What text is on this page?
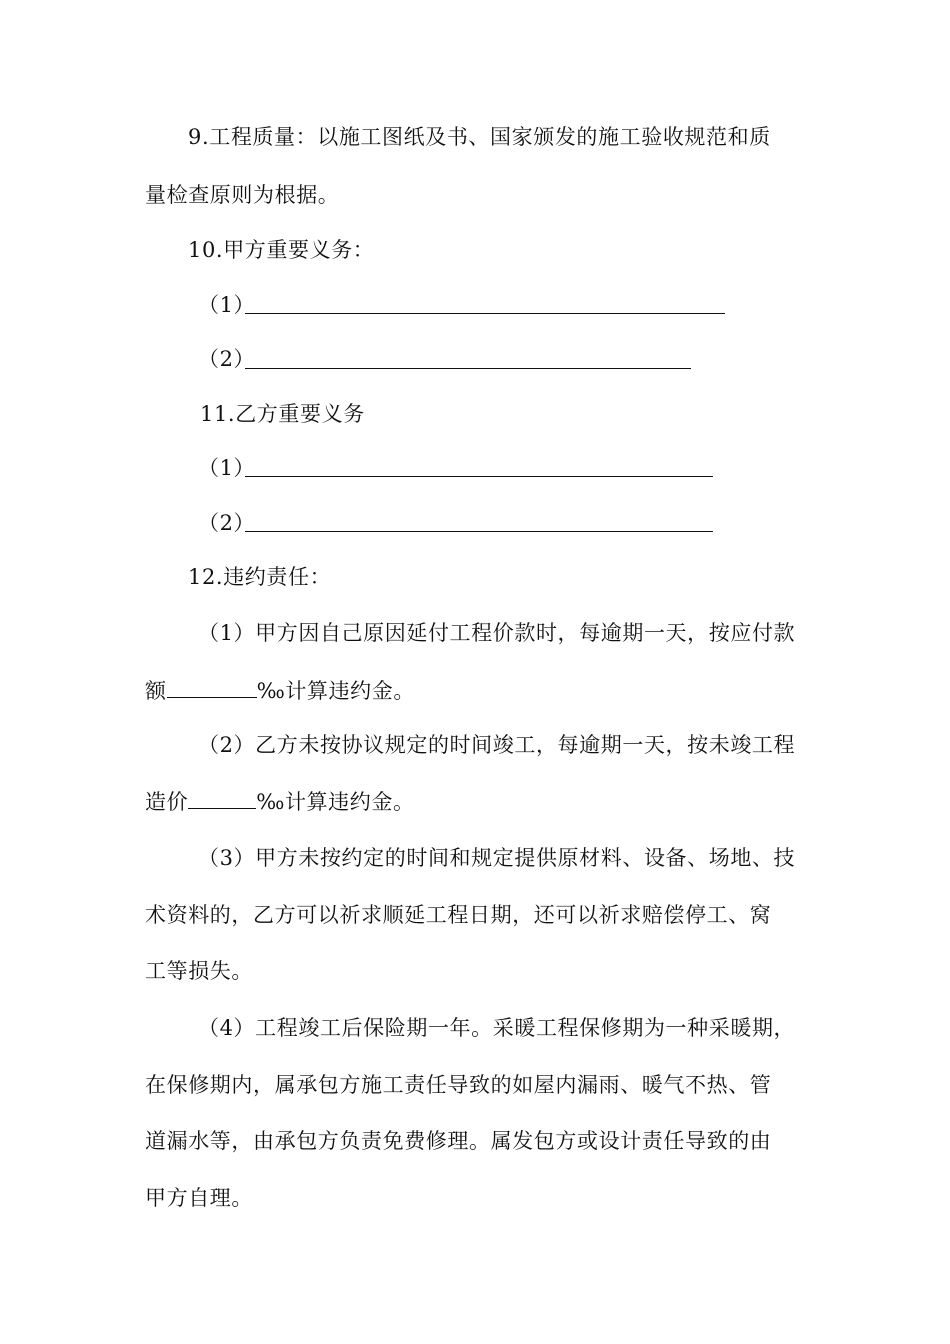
9.工程质量：以施工图纸及书、国家颁发的施工验收规范和质
量检查原则为根据。
10.甲方重要义务：
（1）
（2）
11.乙方重要义务
（1）
（2）
12.违约责任：
（1）甲方因自己原因延付工程价款时，每逾期一天，按应付款
额	‰计算违约金。
（2）乙方未按协议规定的时间竣工，每逾期一天，按未竣工程
造价	‰计算违约金。
（3）甲方未按约定的时间和规定提供原材料、设备、场地、技
术资料的，乙方可以祈求顺延工程日期，还可以祈求赔偿停工、窝
工等损失。
（4）工程竣工后保险期一年。采暖工程保修期为一种采暖期，
在保修期内，属承包方施工责任导致的如屋内漏雨、暖气不热、管
道漏水等，由承包方负责免费修理。属发包方或设计责任导致的由
甲方自理。
